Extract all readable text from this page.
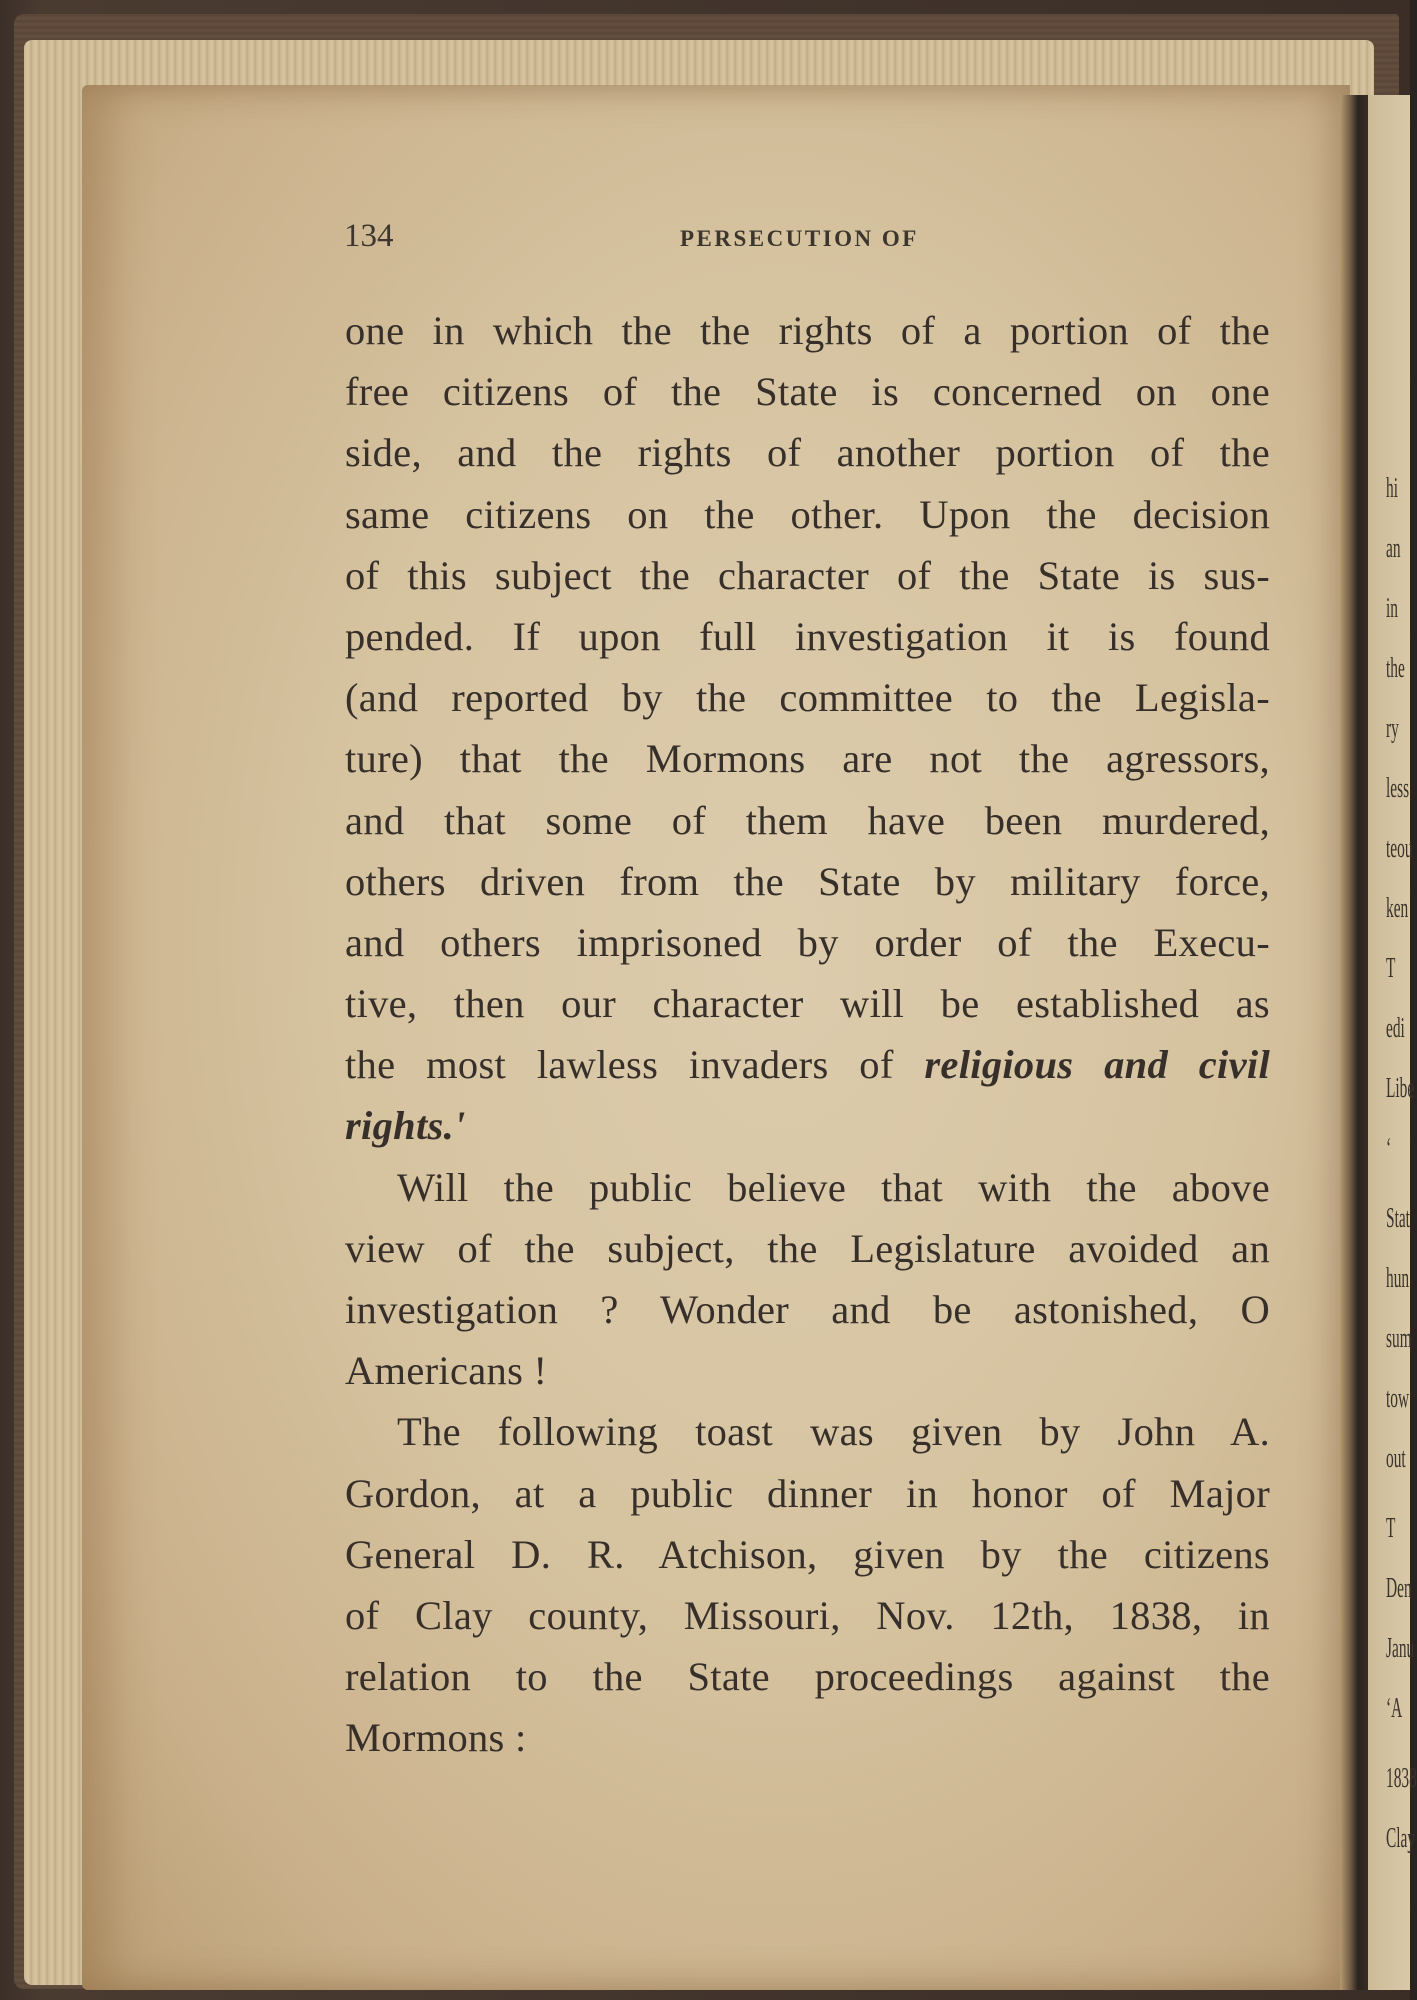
hi
an
in
the
ry
less
teou
ken
T
edi
Libe
‘
Stat
hun
sum
tow
out
T
Den
Janu
‘A
1838
Clay
134	PERSECUTION OF
one in which the the rights of a portion of the
free citizens of the State is concerned on one
side, and the rights of another portion of the
same citizens on the other. Upon the decision
of this subject the character of the State is sus-
pended. If upon full investigation it is found
(and reported by the committee to the Legisla-
ture) that the Mormons are not the agressors,
and that some of them have been murdered,
others driven from the State by military force,
and others imprisoned by order of the Execu-
tive, then our character will be established as
the most lawless invaders of religious and civil
rights.'
Will the public believe that with the above
view of the subject, the Legislature avoided an
investigation ? Wonder and be astonished, O
Americans !
The following toast was given by John A.
Gordon, at a public dinner in honor of Major
General D. R. Atchison, given by the citizens
of Clay county, Missouri, Nov. 12th, 1838, in
relation to the State proceedings against the
Mormons :
